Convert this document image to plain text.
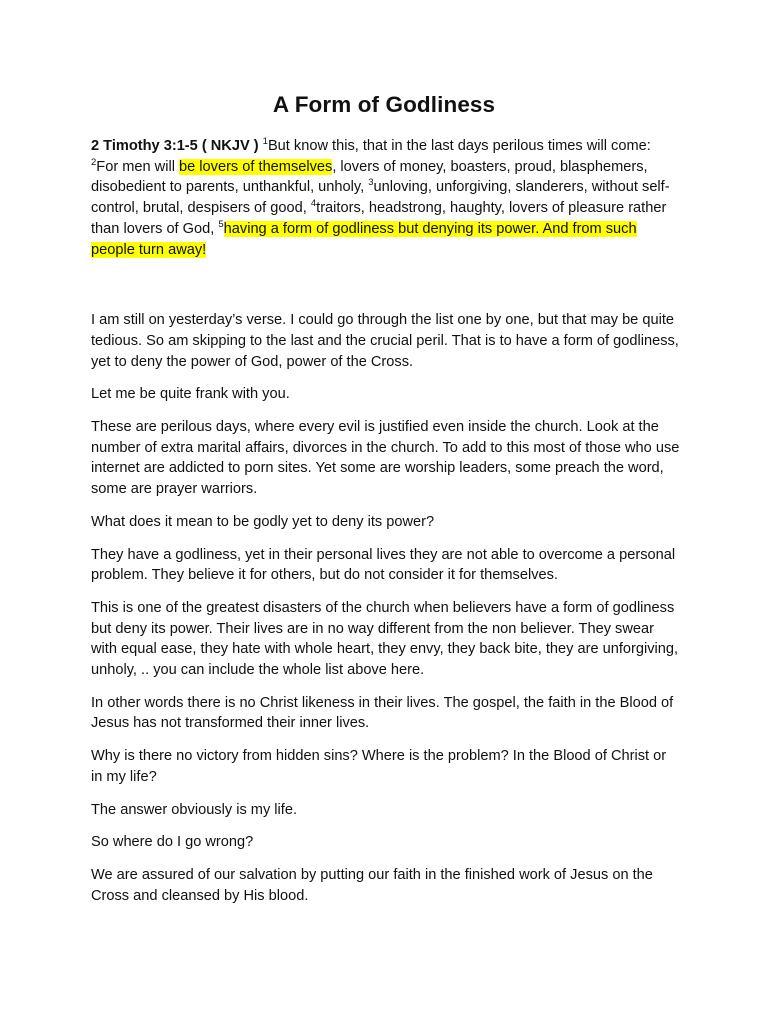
A Form of Godliness

2 Timothy 3:1-5 ( NKJV ) $^1$But know this, that in the last days perilous times will come: $^2$For men will be lovers of themselves, lovers of money, boasters, proud, blasphemers, disobedient to parents, unthankful, unholy, $^3$unloving, unforgiving, slanderers, without self-control, brutal, despisers of good, $^4$traitors, headstrong, haughty, lovers of pleasure rather than lovers of God, $^5$having a form of godliness but denying its power. And from such people turn away!

I am still on yesterday’s verse. I could go through the list one by one, but that may be quite tedious. So am skipping to the last and the crucial peril. That is to have a form of godliness, yet to deny the power of God, power of the Cross.

Let me be quite frank with you.

These are perilous days, where every evil is justified even inside the church. Look at the number of extra marital affairs, divorces in the church. To add to this most of those who use internet are addicted to porn sites. Yet some are worship leaders, some preach the word, some are prayer warriors.

What does it mean to be godly yet to deny its power?

They have a godliness, yet in their personal lives they are not able to overcome a personal problem. They believe it for others, but do not consider it for themselves.

This is one of the greatest disasters of the church when believers have a form of godliness but deny its power. Their lives are in no way different from the non believer. They swear with equal ease, they hate with whole heart, they envy, they back bite, they are unforgiving, unholy, .. you can include the whole list above here.

In other words there is no Christ likeness in their lives. The gospel, the faith in the Blood of Jesus has not transformed their inner lives.

Why is there no victory from hidden sins? Where is the problem? In the Blood of Christ or in my life?

The answer obviously is my life.

So where do I go wrong?

We are assured of our salvation by putting our faith in the finished work of Jesus on the Cross and cleansed by His blood.
